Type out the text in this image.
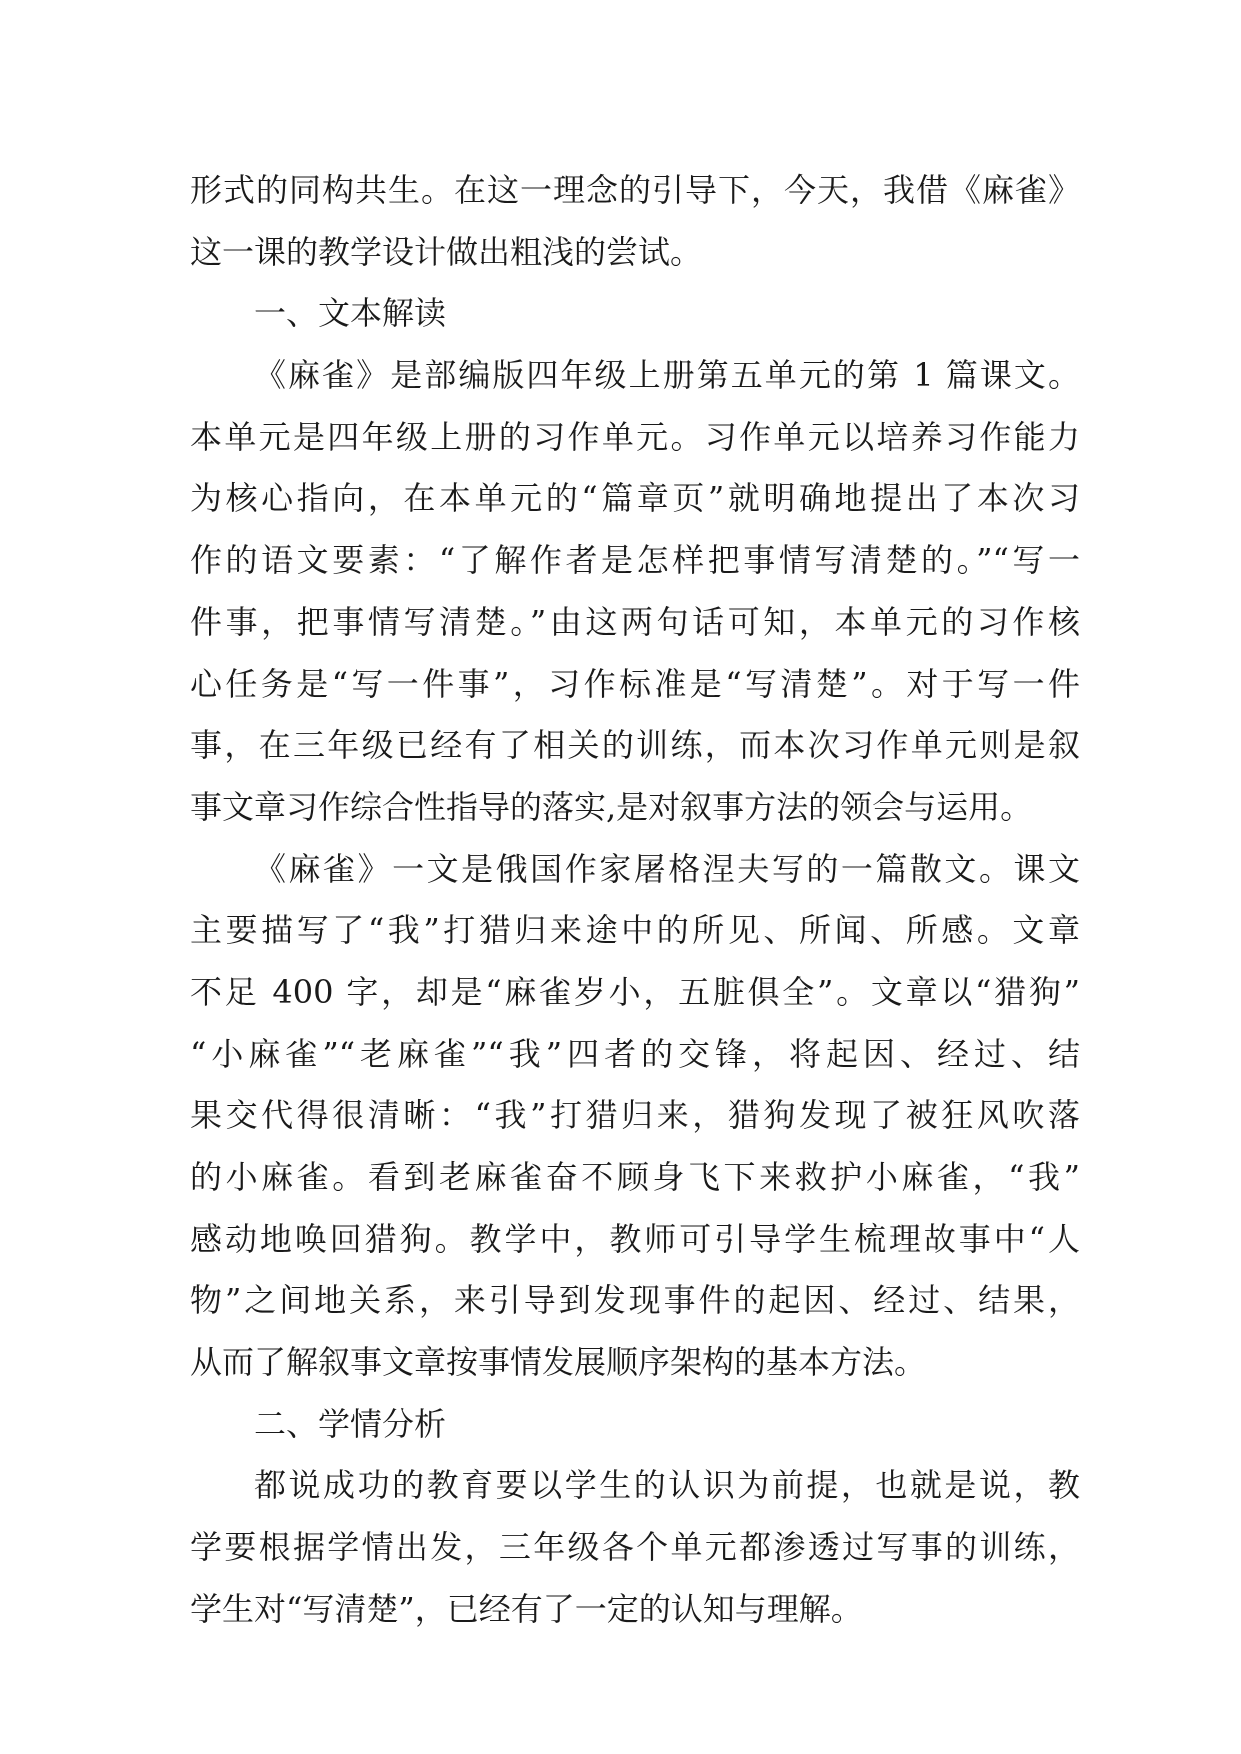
形式的同构共生。在这一理念的引导下，今天，我借《麻雀》
这一课的教学设计做出粗浅的尝试。
一、文本解读
《麻雀》是部编版四年级上册第五单元的第 1 篇课文。
本单元是四年级上册的习作单元。习作单元以培养习作能力
为核心指向，在本单元的“篇章页”就明确地提出了本次习
作的语文要素：“了解作者是怎样把事情写清楚的。”“写一
件事，把事情写清楚。”由这两句话可知，本单元的习作核
心任务是“写一件事”，习作标准是“写清楚”。对于写一件
事，在三年级已经有了相关的训练，而本次习作单元则是叙
事文章习作综合性指导的落实,是对叙事方法的领会与运用。
《麻雀》一文是俄国作家屠格涅夫写的一篇散文。课文
主要描写了“我”打猎归来途中的所见、所闻、所感。文章
不足 400 字，却是“麻雀岁小，五脏俱全”。文章以“猎狗”
“小麻雀”“老麻雀”“我”四者的交锋，将起因、经过、结
果交代得很清晰：“我”打猎归来，猎狗发现了被狂风吹落
的小麻雀。看到老麻雀奋不顾身飞下来救护小麻雀，“我”
感动地唤回猎狗。教学中，教师可引导学生梳理故事中“人
物”之间地关系，来引导到发现事件的起因、经过、结果，
从而了解叙事文章按事情发展顺序架构的基本方法。
二、学情分析
都说成功的教育要以学生的认识为前提，也就是说，教
学要根据学情出发，三年级各个单元都渗透过写事的训练，
学生对“写清楚”，已经有了一定的认知与理解。
